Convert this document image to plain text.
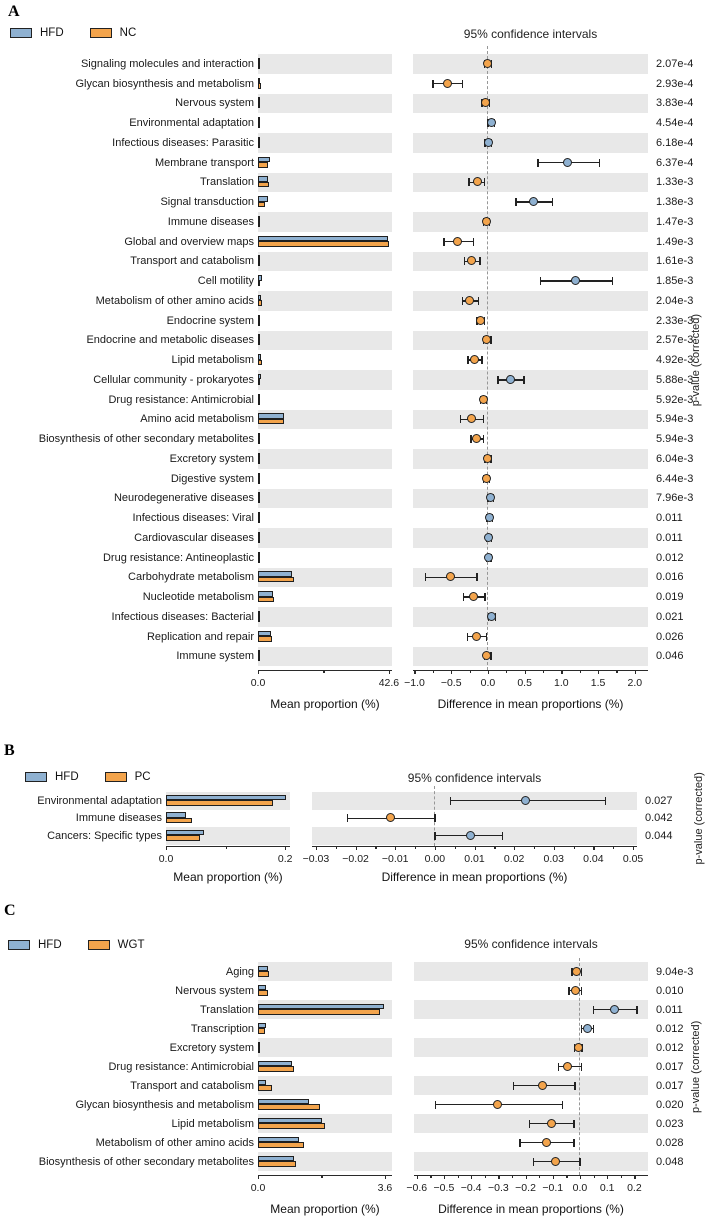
A
HFD	NC	95% confidence intervals
Signaling molecules and interaction	2.07e-4
Glycan biosynthesis and metabolism	2.93e-4
Nervous system	3.83e-4
Environmental adaptation	4.54e-4
Infectious diseases: Parasitic	6.18e-4
Membrane transport	6.37e-4
Translation	1.33e-3
Signal transduction	1.38e-3
Immune diseases	1.47e-3
Global and overview maps	1.49e-3
Transport and catabolism	1.61e-3
Cell motility	1.85e-3
Metabolism of other amino acids	2.04e-3
Endocrine system	2.33e-3
Endocrine and metabolic diseases	2.57e-3
Lipid metabolism	4.92e-3
Cellular community - prokaryotes	5.88e-3
Drug resistance: Antimicrobial	5.92e-3
Amino acid metabolism	5.94e-3
Biosynthesis of other secondary metabolites	5.94e-3
Excretory system	6.04e-3
Digestive system	6.44e-3
Neurodegenerative diseases	7.96e-3
Infectious diseases: Viral	0.011
Cardiovascular diseases	0.011
Drug resistance: Antineoplastic	0.012
Carbohydrate metabolism	0.016
Nucleotide metabolism	0.019
Infectious diseases: Bacterial	0.021
Replication and repair	0.026
Immune system	0.046
0.0	42.6
Mean proportion (%)
−1.0 −0.5 0.0 0.5 1.0 1.5 2.0
Difference in mean proportions (%)
p-value (corrected)
B
HFD	PC	95% confidence intervals
Environmental adaptation	0.027
Immune diseases	0.042
Cancers: Specific types	0.044
0.0	0.2
Mean proportion (%)
−0.03 −0.02 −0.01 0.00 0.01 0.02 0.03 0.04 0.05
Difference in mean proportions (%)
p-value (corrected)
C
HFD	WGT	95% confidence intervals
Aging	9.04e-3
Nervous system	0.010
Translation	0.011
Transcription	0.012
Excretory system	0.012
Drug resistance: Antimicrobial	0.017
Transport and catabolism	0.017
Glycan biosynthesis and metabolism	0.020
Lipid metabolism	0.023
Metabolism of other amino acids	0.028
Biosynthesis of other secondary metabolites	0.048
0.0	3.6
Mean proportion (%)
−0.6 −0.5 −0.4 −0.3 −0.2 −0.1 0.0 0.1 0.2
Difference in mean proportions (%)
p-value (corrected)
